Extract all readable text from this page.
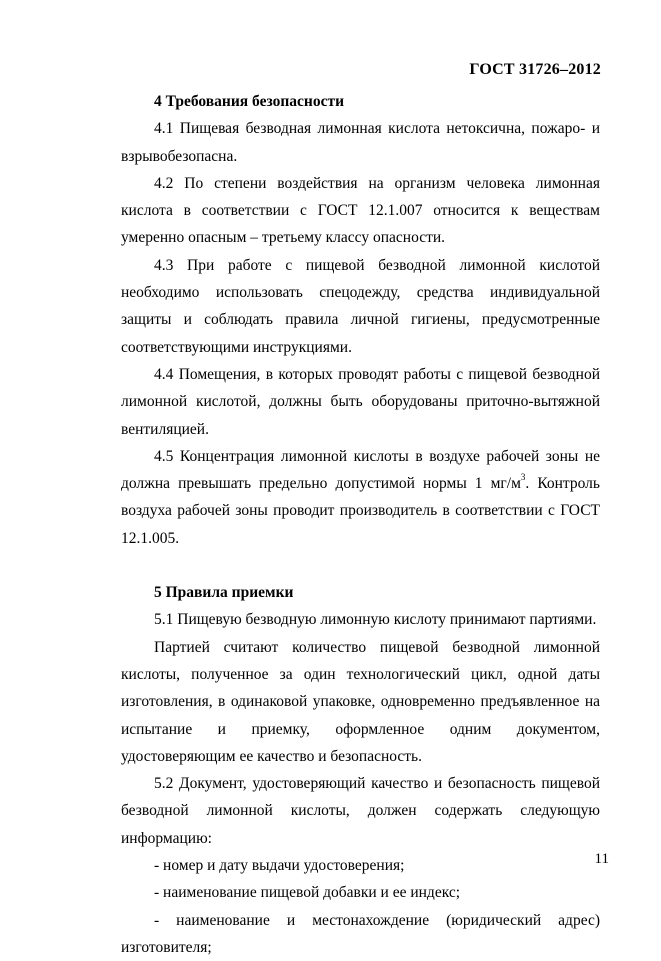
ГОСТ 31726–2012

4 Требования безопасности

4.1 Пищевая безводная лимонная кислота нетоксична, пожаро- и взрывобезопасна.

4.2 По степени воздействия на организм человека лимонная кислота в соответствии с ГОСТ 12.1.007 относится к веществам умеренно опасным – третьему классу опасности.

4.3 При работе с пищевой безводной лимонной кислотой необходимо использовать спецодежду, средства индивидуальной защиты и соблюдать правила личной гигиены, предусмотренные соответствующими инструкциями.

4.4 Помещения, в которых проводят работы с пищевой безводной лимонной кислотой, должны быть оборудованы приточно-вытяжной вентиляцией.

4.5 Концентрация лимонной кислоты в воздухе рабочей зоны не должна превышать предельно допустимой нормы 1 $мг/м^3$. Контроль воздуха рабочей зоны проводит производитель в соответствии с ГОСТ 12.1.005.

5 Правила приемки

5.1 Пищевую безводную лимонную кислоту принимают партиями.

Партией считают количество пищевой безводной лимонной кислоты, полученное за один технологический цикл, одной даты изготовления, в одинаковой упаковке, одновременно предъявленное на испытание и приемку, оформленное одним документом, удостоверяющим ее качество и безопасность.

5.2 Документ, удостоверяющий качество и безопасность пищевой безводной лимонной кислоты, должен содержать следующую информацию:

- номер и дату выдачи удостоверения;

- наименование пищевой добавки и ее индекс;

- наименование и местонахождение (юридический адрес) изготовителя;

11
